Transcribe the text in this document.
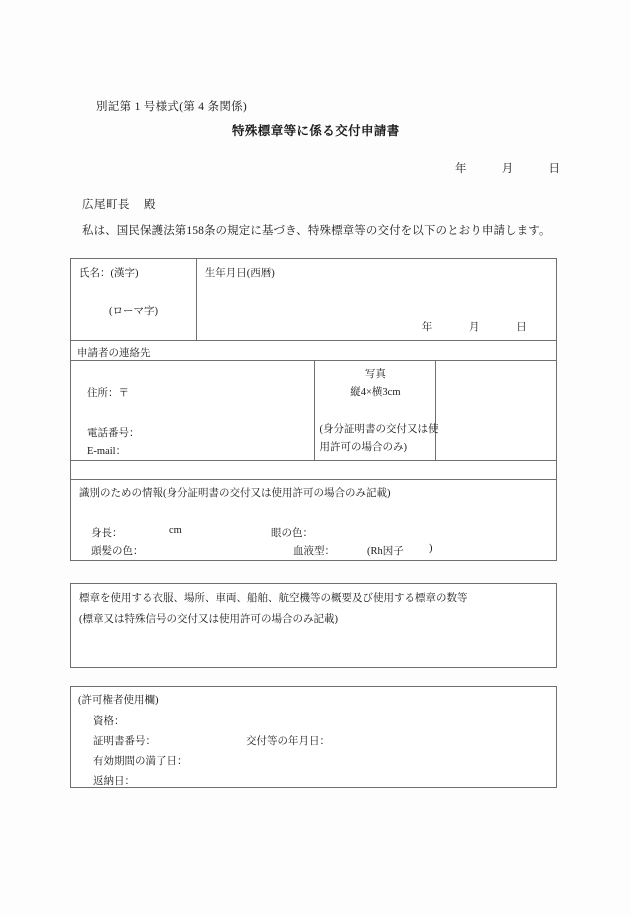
別記第 1 号様式(第 4 条関係)
特殊標章等に係る交付申請書
年	月	日
広尾町長 殿
私は、国民保護法第158条の規定に基づき、特殊標章等の交付を以下のとおり申請します。
氏名：(漢字)
(ローマ字)
生年月日(西暦)
年	月	日
申請者の連絡先
住所：〒
電話番号：
E-mail：
写真
縦4×横3cm
(身分証明書の交付又は使
用許可の場合のみ)
識別のための情報(身分証明書の交付又は使用許可の場合のみ記載)
身長：	cm	眼の色：
頭髪の色：	血液型：	(Rh因子 )
標章を使用する衣服、場所、車両、船舶、航空機等の概要及び使用する標章の数等
(標章又は特殊信号の交付又は使用許可の場合のみ記載)
(許可権者使用欄)
資格：
証明書番号：	交付等の年月日：
有効期間の満了日：
返納日：
